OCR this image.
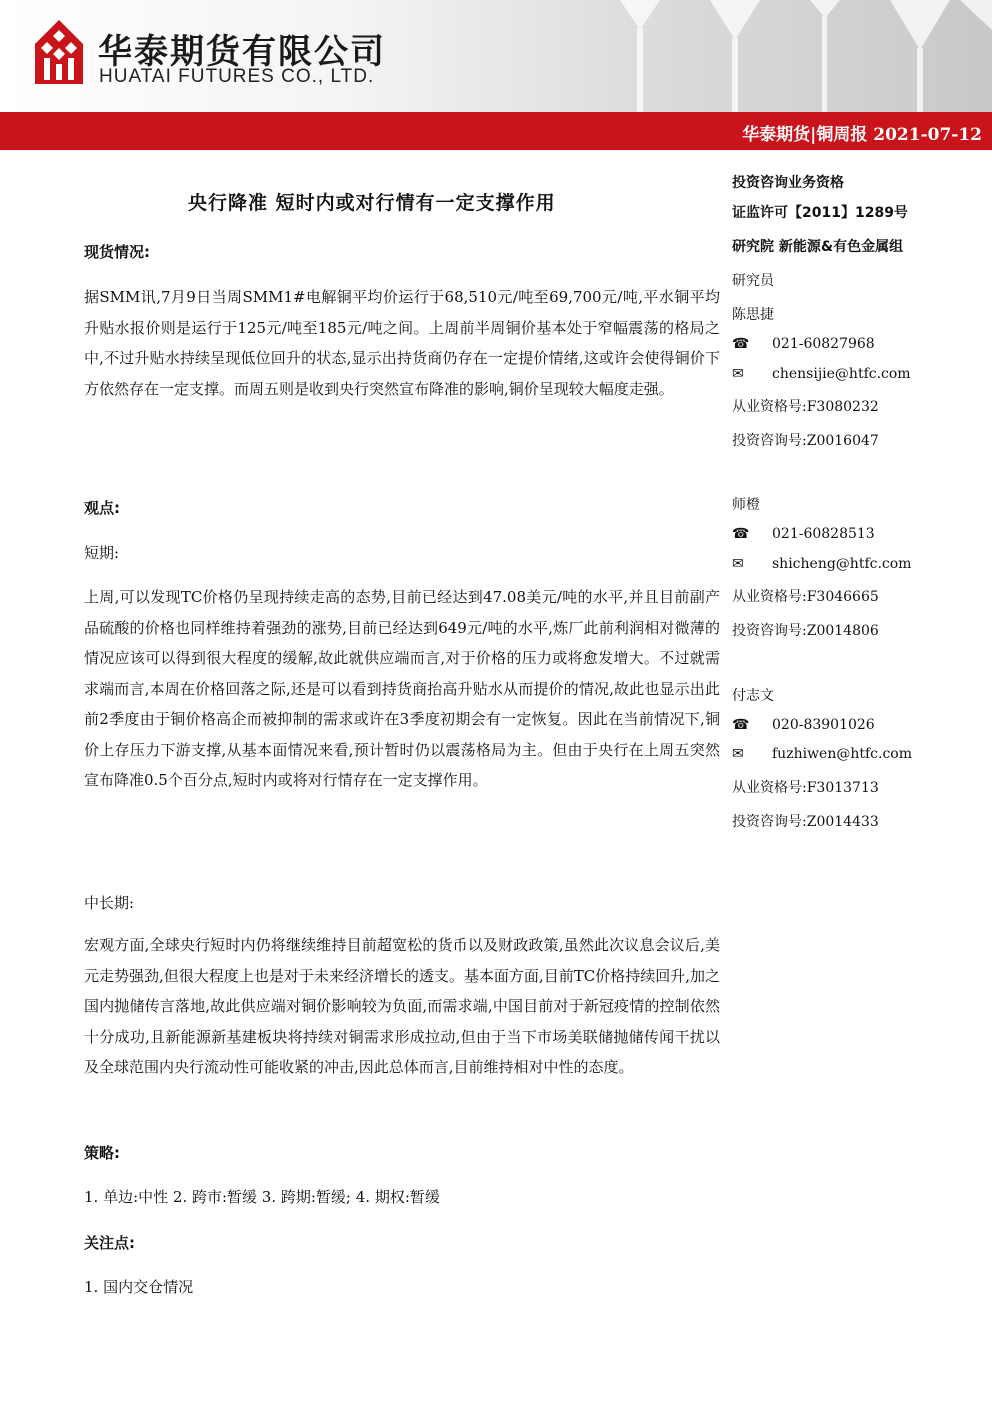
华泰期货有限公司
HUATAI FUTURES CO., LTD.
华泰期货|铜周报 2021-07-12
央行降准 短时内或对行情有一定支撑作用
现货情况:
据SMM讯,7月9日当周SMM1#电解铜平均价运行于68,510元/吨至69,700元/吨,平水铜平均升贴水报价则是运行于125元/吨至185元/吨之间。上周前半周铜价基本处于窄幅震荡的格局之中,不过升贴水持续呈现低位回升的状态,显示出持货商仍存在一定提价情绪,这或许会使得铜价下方依然存在一定支撑。而周五则是收到央行突然宣布降准的影响,铜价呈现较大幅度走强。
观点:
短期:
上周,可以发现TC价格仍呈现持续走高的态势,目前已经达到47.08美元/吨的水平,并且目前副产品硫酸的价格也同样维持着强劲的涨势,目前已经达到649元/吨的水平,炼厂此前利润相对微薄的情况应该可以得到很大程度的缓解,故此就供应端而言,对于价格的压力或将愈发增大。不过就需求端而言,本周在价格回落之际,还是可以看到持货商抬高升贴水从而提价的情况,故此也显示出此前2季度由于铜价格高企而被抑制的需求或许在3季度初期会有一定恢复。因此在当前情况下,铜价上存压力下游支撑,从基本面情况来看,预计暂时仍以震荡格局为主。但由于央行在上周五突然宣布降准0.5个百分点,短时内或将对行情存在一定支撑作用。
中长期:
宏观方面,全球央行短时内仍将继续维持目前超宽松的货币以及财政政策,虽然此次议息会议后,美元走势强劲,但很大程度上也是对于未来经济增长的透支。基本面方面,目前TC价格持续回升,加之国内抛储传言落地,故此供应端对铜价影响较为负面,而需求端,中国目前对于新冠疫情的控制依然十分成功,且新能源新基建板块将持续对铜需求形成拉动,但由于当下市场美联储抛储传闻干扰以及全球范围内央行流动性可能收紧的冲击,因此总体而言,目前维持相对中性的态度。
策略:
1. 单边:中性 2. 跨市:暂缓 3. 跨期:暂缓; 4. 期权:暂缓
关注点:
1. 国内交仓情况
投资咨询业务资格
证监许可【2011】1289号
研究院 新能源&有色金属组
研究员
陈思捷
☎ 021-60827968
✉ chensijie@htfc.com
从业资格号:F3080232
投资咨询号:Z0016047
师橙
☎ 021-60828513
✉ shicheng@htfc.com
从业资格号:F3046665
投资咨询号:Z0014806
付志文
☎ 020-83901026
✉ fuzhiwen@htfc.com
从业资格号:F3013713
投资咨询号:Z0014433
